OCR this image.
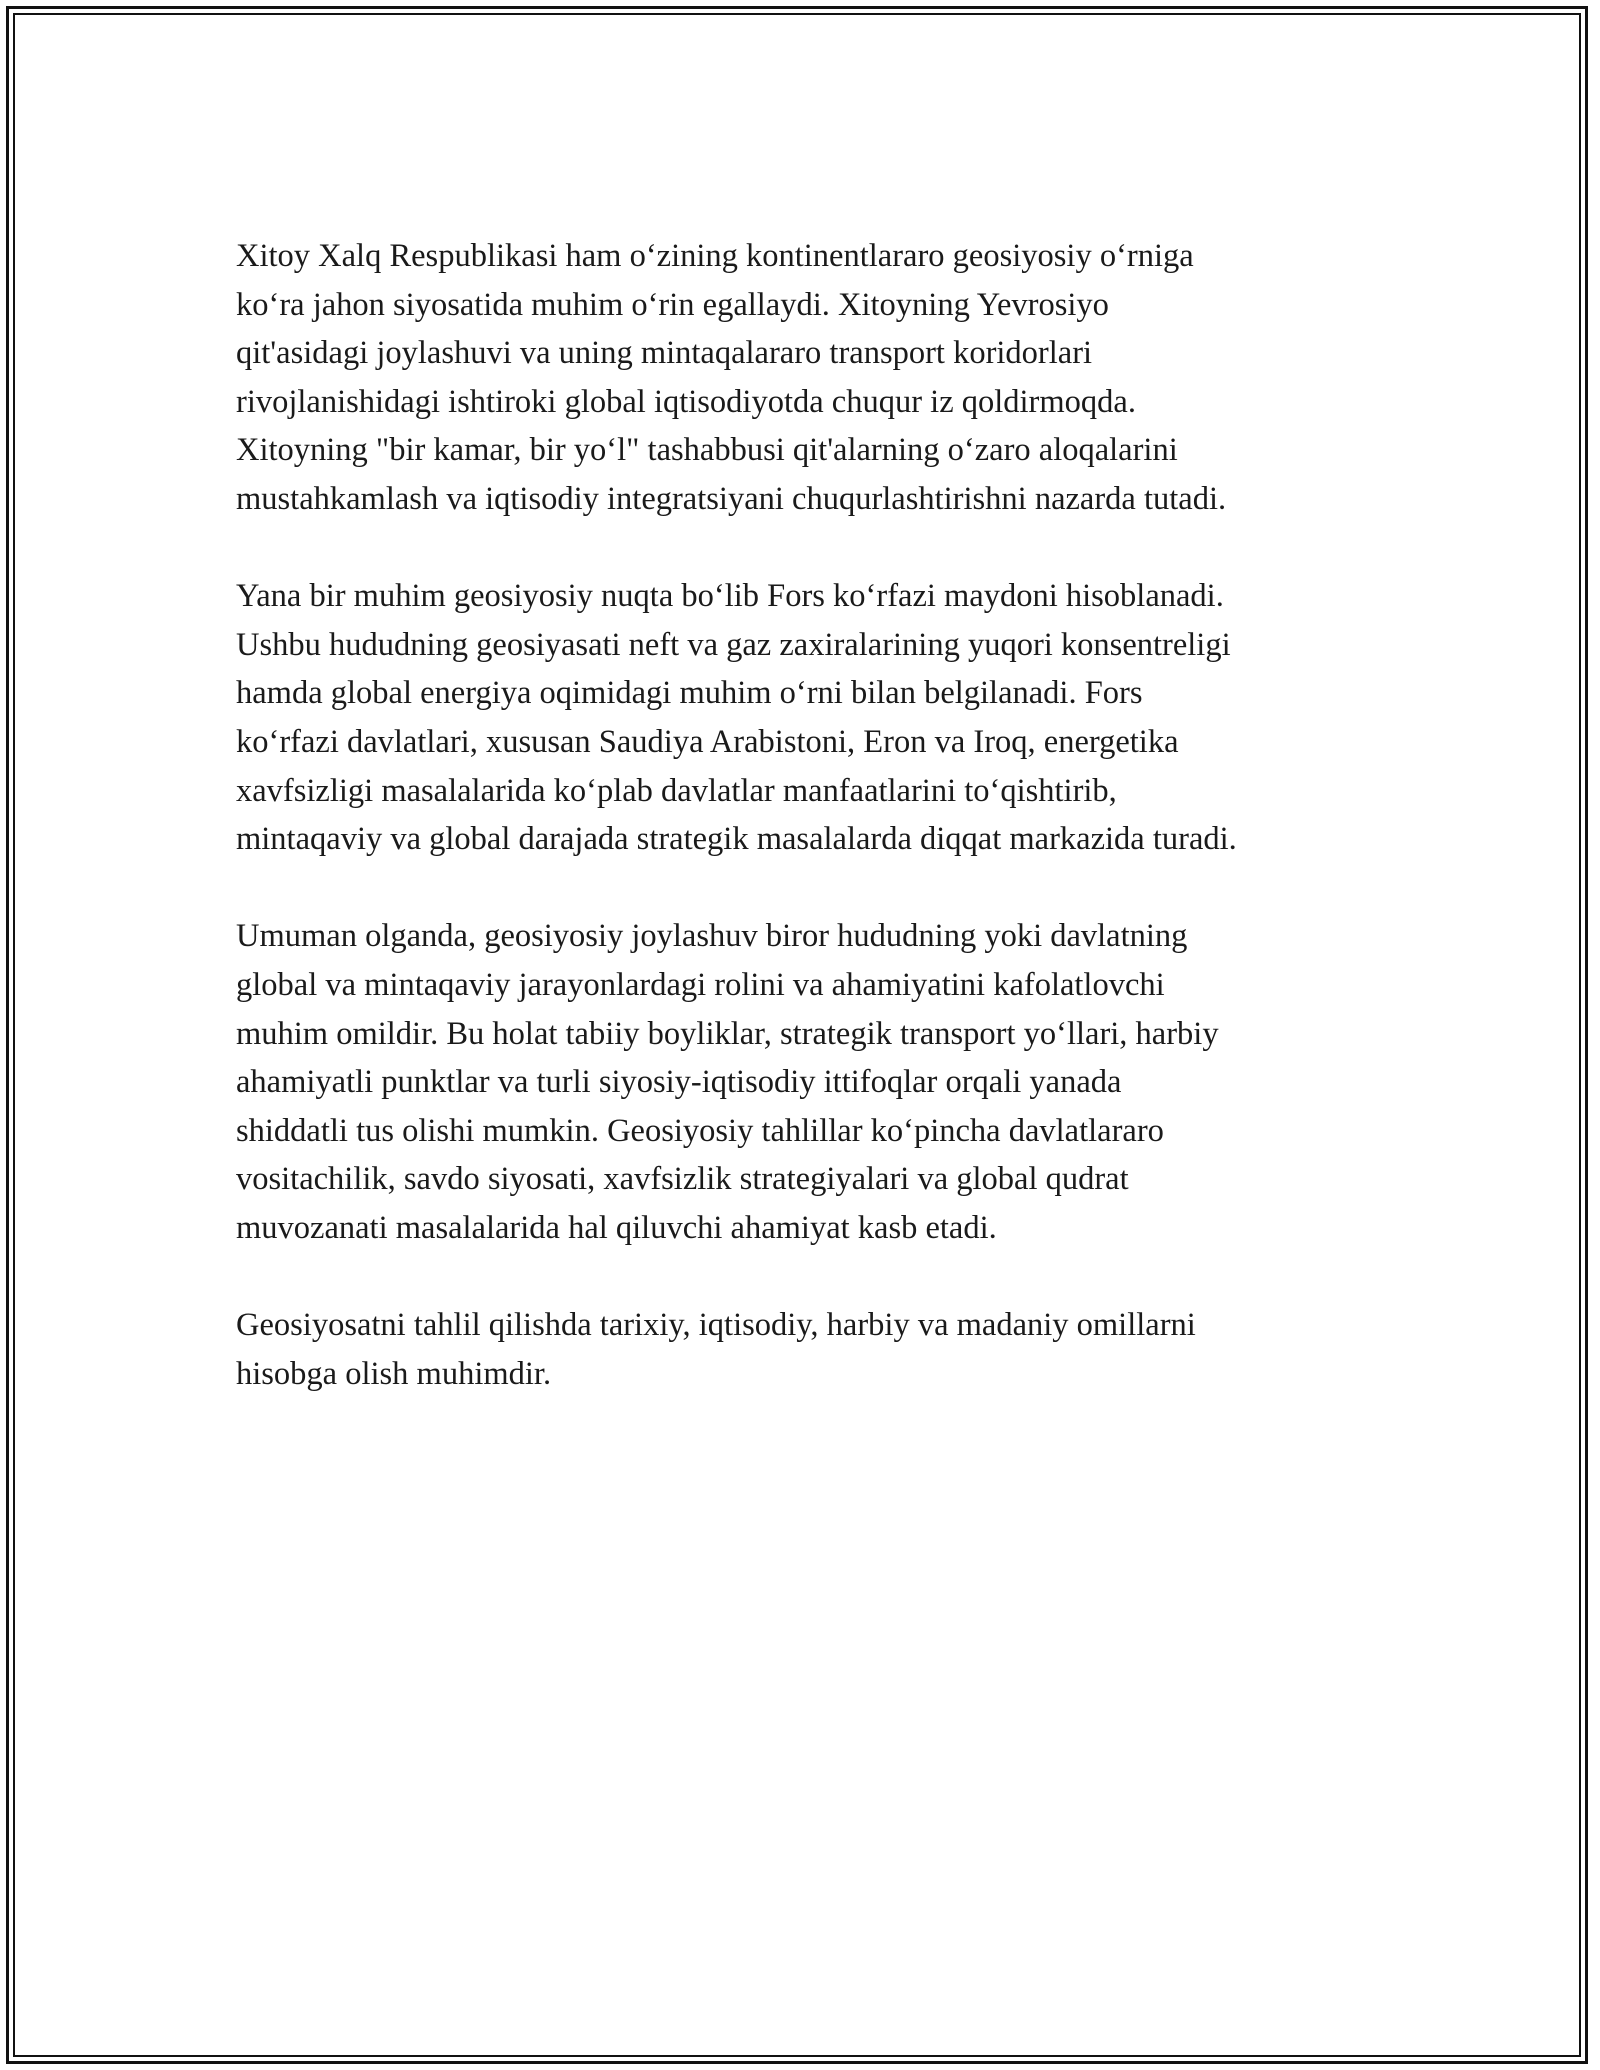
Xitoy Xalq Respublikasi ham o‘zining kontinentlararo geosiyosiy o‘rniga
ko‘ra jahon siyosatida muhim o‘rin egallaydi. Xitoyning Yevrosiyo
qit'asidagi joylashuvi va uning mintaqalararo transport koridorlari
rivojlanishidagi ishtiroki global iqtisodiyotda chuqur iz qoldirmoqda.
Xitoyning "bir kamar, bir yo‘l" tashabbusi qit'alarning o‘zaro aloqalarini
mustahkamlash va iqtisodiy integratsiyani chuqurlashtirishni nazarda tutadi.

Yana bir muhim geosiyosiy nuqta bo‘lib Fors ko‘rfazi maydoni hisoblanadi.
Ushbu hududning geosiyasati neft va gaz zaxiralarining yuqori konsentreligi
hamda global energiya oqimidagi muhim o‘rni bilan belgilanadi. Fors
ko‘rfazi davlatlari, xususan Saudiya Arabistoni, Eron va Iroq, energetika
xavfsizligi masalalarida ko‘plab davlatlar manfaatlarini to‘qishtirib,
mintaqaviy va global darajada strategik masalalarda diqqat markazida turadi.

Umuman olganda, geosiyosiy joylashuv biror hududning yoki davlatning
global va mintaqaviy jarayonlardagi rolini va ahamiyatini kafolatlovchi
muhim omildir. Bu holat tabiiy boyliklar, strategik transport yo‘llari, harbiy
ahamiyatli punktlar va turli siyosiy-iqtisodiy ittifoqlar orqali yanada
shiddatli tus olishi mumkin. Geosiyosiy tahlillar ko‘pincha davlatlararo
vositachilik, savdo siyosati, xavfsizlik strategiyalari va global qudrat
muvozanati masalalarida hal qiluvchi ahamiyat kasb etadi.

Geosiyosatni tahlil qilishda tarixiy, iqtisodiy, harbiy va madaniy omillarni
hisobga olish muhimdir.
